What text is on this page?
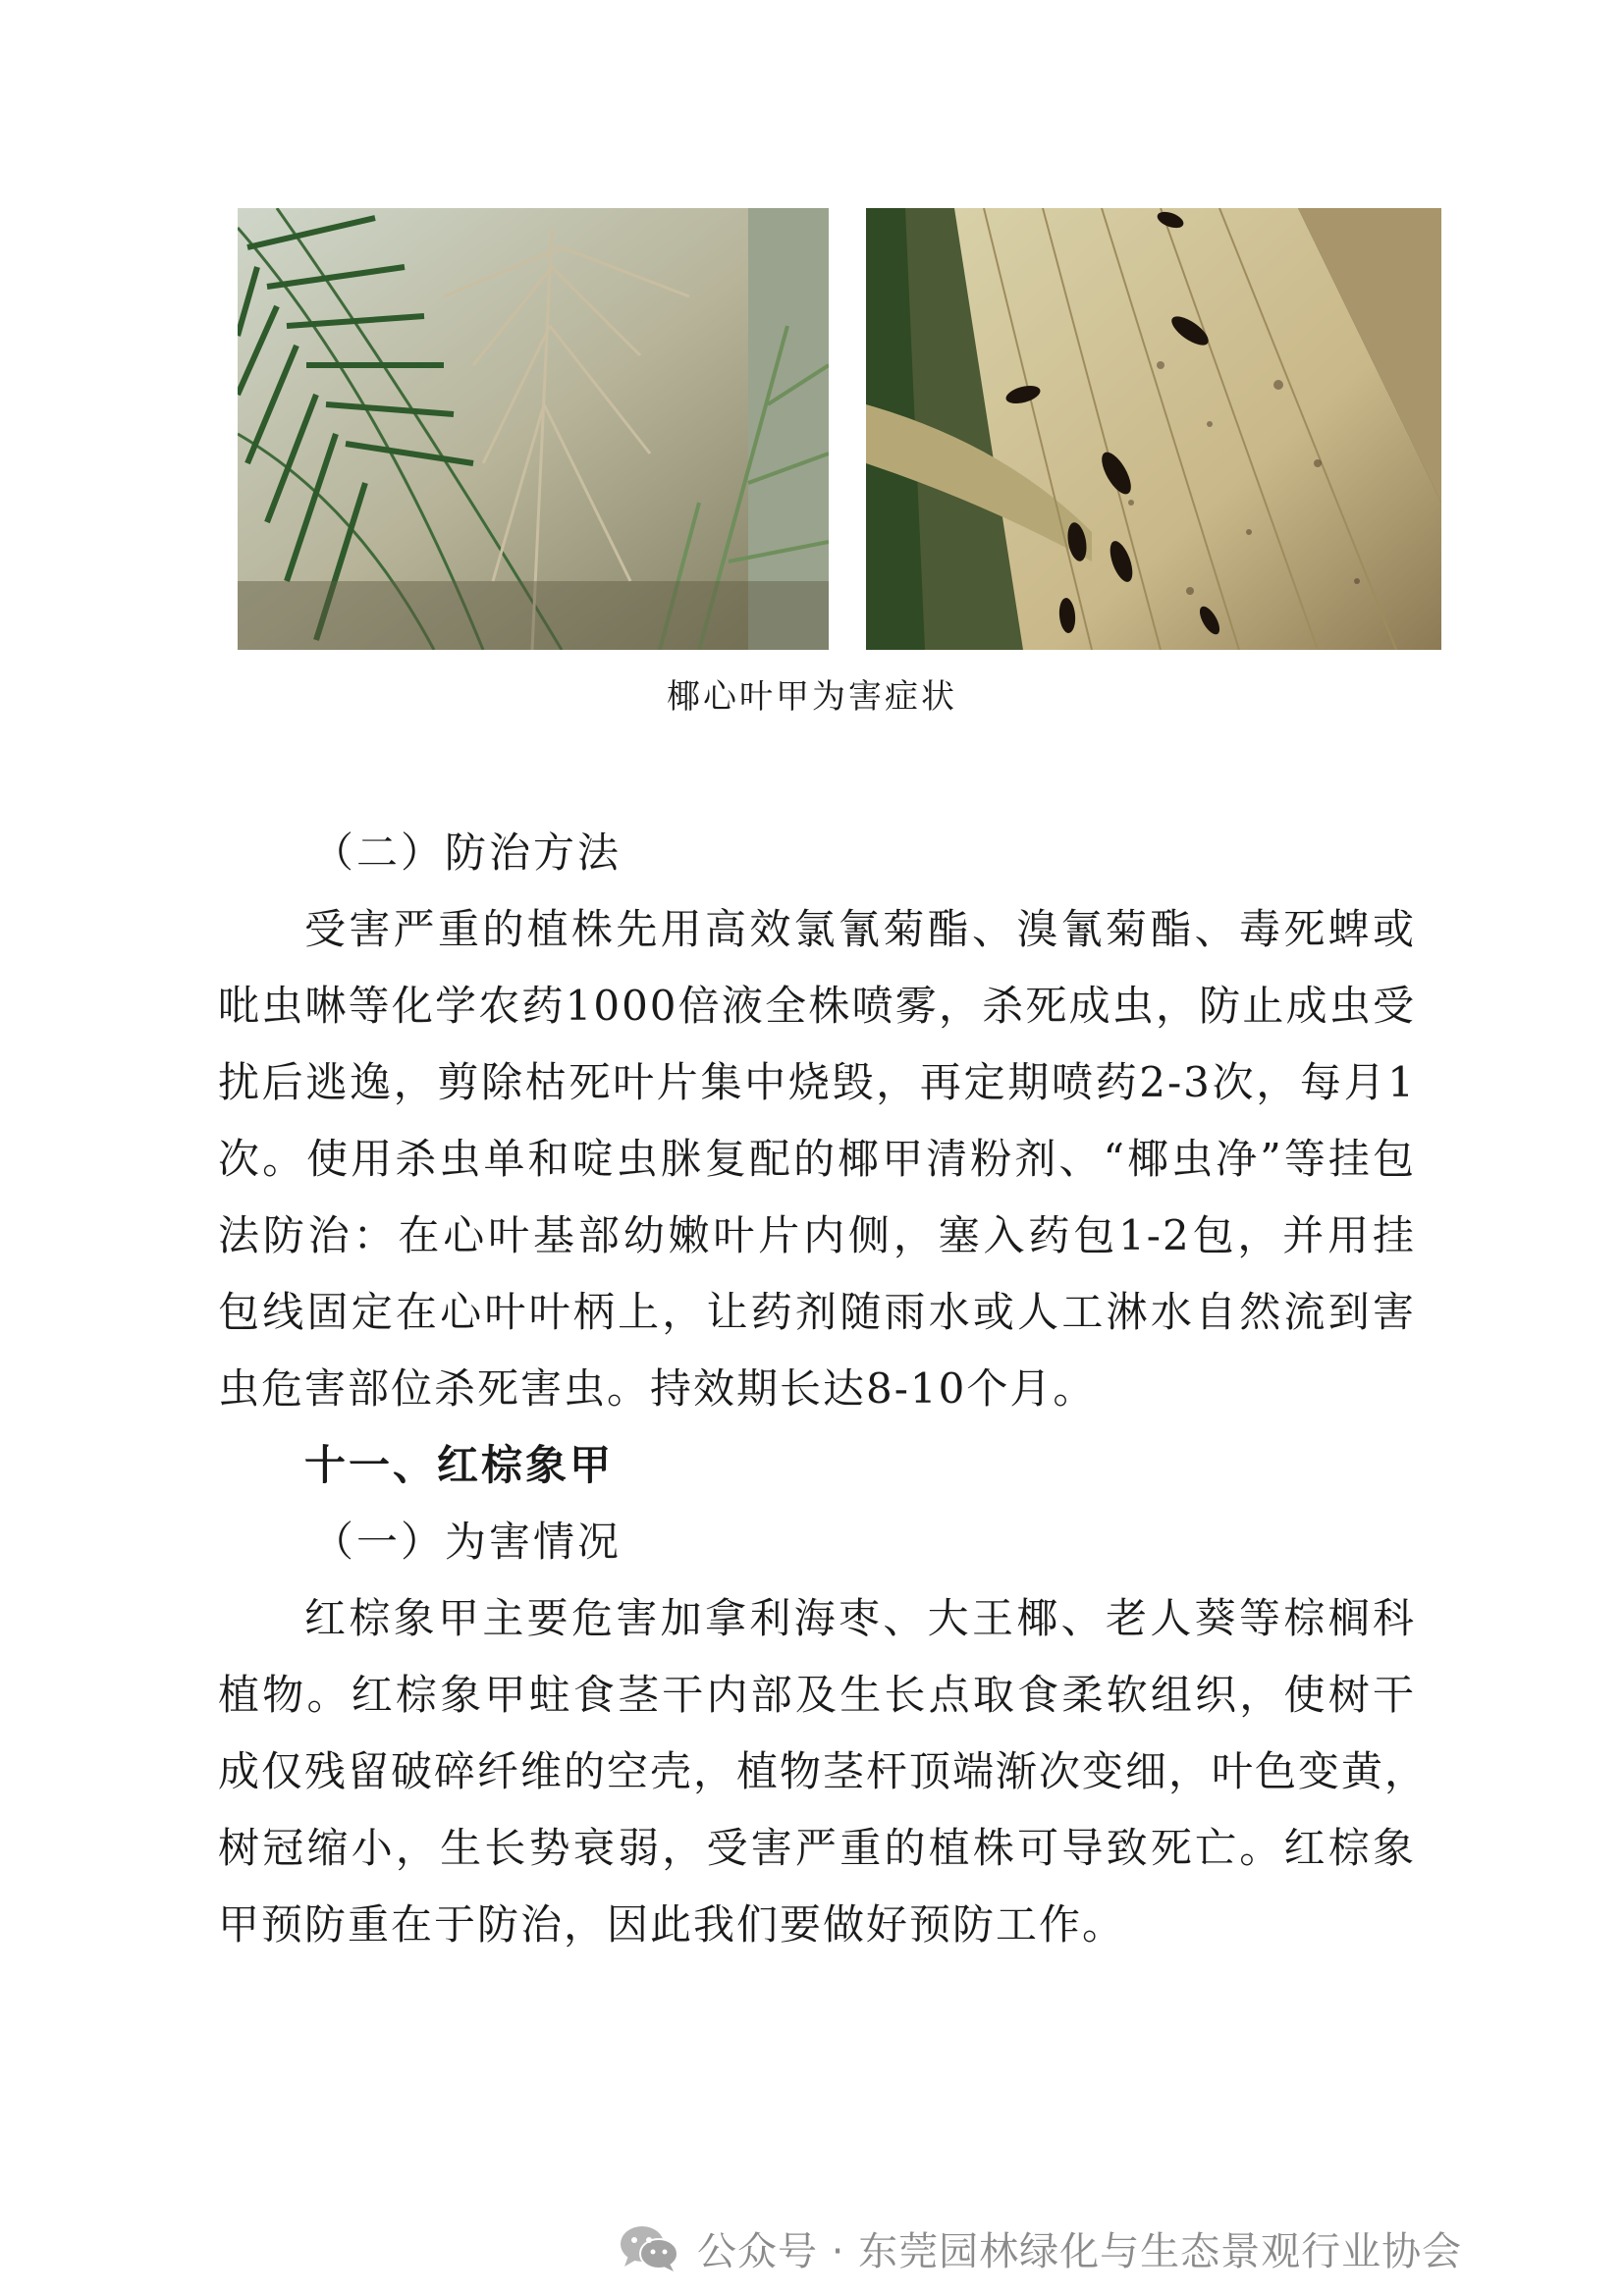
椰心叶甲为害症状
（二）防治方法
受害严重的植株先用高效氯氰菊酯、溴氰菊酯、毒死蜱或
吡虫啉等化学农药1000倍液全株喷雾，杀死成虫，防止成虫受
扰后逃逸，剪除枯死叶片集中烧毁，再定期喷药2-3次，每月1
次。使用杀虫单和啶虫脒复配的椰甲清粉剂、“椰虫净”等挂包
法防治：在心叶基部幼嫩叶片内侧，塞入药包1-2包，并用挂
包线固定在心叶叶柄上，让药剂随雨水或人工淋水自然流到害
虫危害部位杀死害虫。持效期长达8-10个月。
十一、红棕象甲
（一）为害情况
红棕象甲主要危害加拿利海枣、大王椰、老人葵等棕榈科
植物。红棕象甲蛀食茎干内部及生长点取食柔软组织，使树干
成仅残留破碎纤维的空壳，植物茎杆顶端渐次变细，叶色变黄，
树冠缩小，生长势衰弱，受害严重的植株可导致死亡。红棕象
甲预防重在于防治，因此我们要做好预防工作。
公众号 · 东莞园林绿化与生态景观行业协会
